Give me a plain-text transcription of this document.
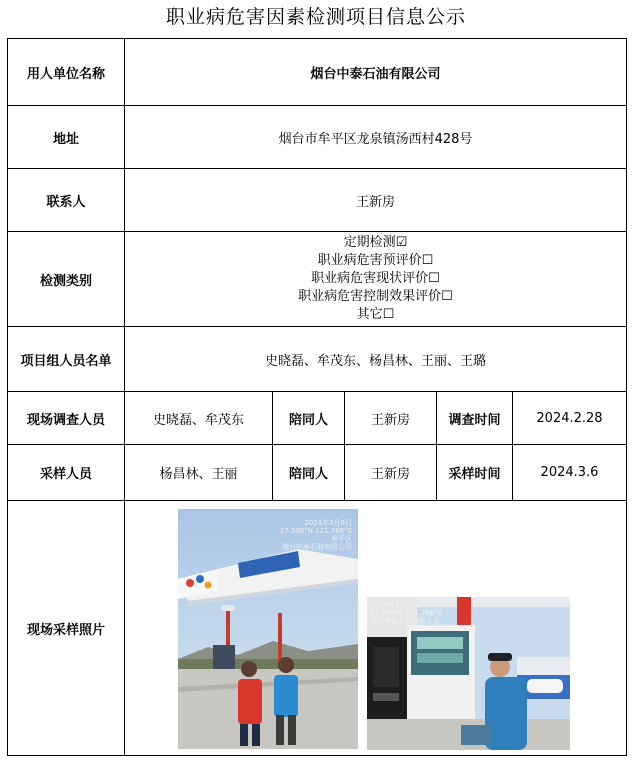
职业病危害因素检测项目信息公示
用人单位名称	烟台中泰石油有限公司				
地址	烟台市牟平区龙泉镇汤西村428号				
联系人	王新房				
检测类别	定期检测☑
职业病危害预评价☐
职业病危害现状评价☐
职业病危害控制效果评价☐
其它☐				

项目组人员名单	史晓磊、牟茂东、杨昌林、王丽、王璐				
现场调查人员	史晓磊、牟茂东	陪同人	王新房	调查时间	2024.2.28
采样人员	杨昌林、王丽	陪同人	王新房	采样时间	2024.3.6
现场采样照片					
2024年3月6日
37.396°N 121.766°E
牟平区
烟台中泰石油有限公司
2024年3月6日
37.396°N 121.766°E
烟台中泰石油有限公司
